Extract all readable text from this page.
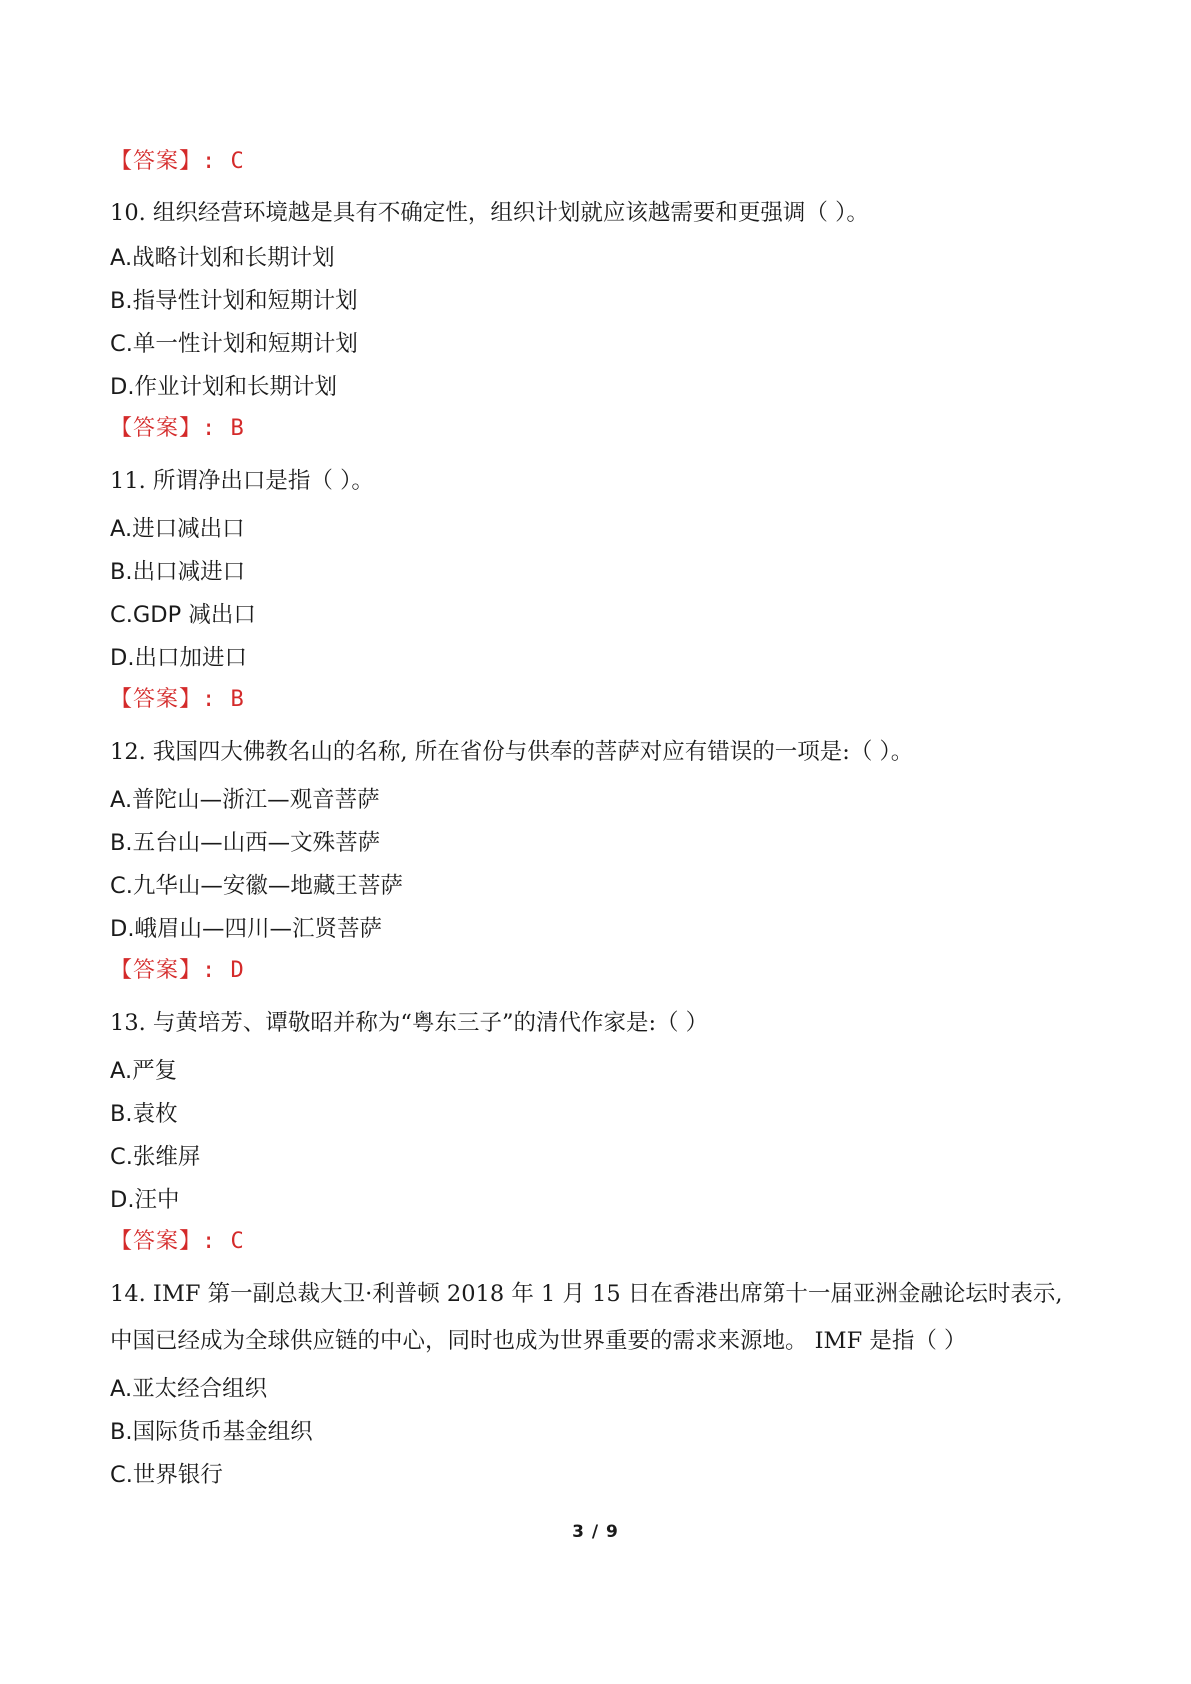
【答案】: C
10. 组织经营环境越是具有不确定性，组织计划就应该越需要和更强调（ ）。
A.战略计划和长期计划
B.指导性计划和短期计划
C.单一性计划和短期计划
D.作业计划和长期计划
【答案】: B
11. 所谓净出口是指（ ）。
A.进口减出口
B.出口减进口
C.GDP 减出口
D.出口加进口
【答案】: B
12. 我国四大佛教名山的名称, 所在省份与供奉的菩萨对应有错误的一项是:（ ）。
A.普陀山—浙江—观音菩萨
B.五台山—山西—文殊菩萨
C.九华山—安徽—地藏王菩萨
D.峨眉山—四川—汇贤菩萨
【答案】: D
13. 与黄培芳、谭敬昭并称为“粤东三子”的清代作家是:（ ）
A.严复
B.袁枚
C.张维屏
D.汪中
【答案】: C
14. IMF 第一副总裁大卫·利普顿 2018 年 1 月 15 日在香港出席第十一届亚洲金融论坛时表示,
中国已经成为全球供应链的中心，同时也成为世界重要的需求来源地。 IMF 是指（ ）
A.亚太经合组织
B.国际货币基金组织
C.世界银行
3 / 9
